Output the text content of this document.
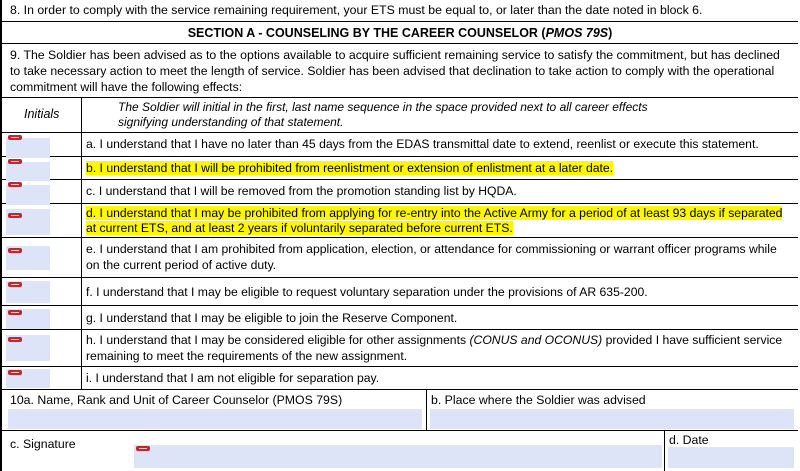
8. In order to comply with the service remaining requirement, your ETS must be equal to, or later than the date noted in block 6.
SECTION A - COUNSELING BY THE CAREER COUNSELOR (PMOS 79S)
9. The Soldier has been advised as to the options available to acquire sufficient remaining service to satisfy the commitment, but has declined to take necessary action to meet the length of service. Soldier has been advised that declination to take action to comply with the operational commitment will have the following effects:
Initials	The Soldier will initial in the first, last name sequence in the space provided next to all career effects signifying understanding of that statement.
a. I understand that I have no later than 45 days from the EDAS transmittal date to extend, reenlist or execute this statement.
b. I understand that I will be prohibited from reenlistment or extension of enlistment at a later date.
c. I understand that I will be removed from the promotion standing list by HQDA.
d. I understand that I may be prohibited from applying for re-entry into the Active Army for a period of at least 93 days if separated at current ETS, and at least 2 years if voluntarily separated before current ETS.
e. I understand that I am prohibited from application, election, or attendance for commissioning or warrant officer programs while on the current period of active duty.
f. I understand that I may be eligible to request voluntary separation under the provisions of AR 635-200.
g. I understand that I may be eligible to join the Reserve Component.
h. I understand that I may be considered eligible for other assignments (CONUS and OCONUS) provided I have sufficient service remaining to meet the requirements of the new assignment.
i. I understand that I am not eligible for separation pay.
10a. Name, Rank and Unit of Career Counselor (PMOS 79S)	b. Place where the Soldier was advised
c. Signature	d. Date
